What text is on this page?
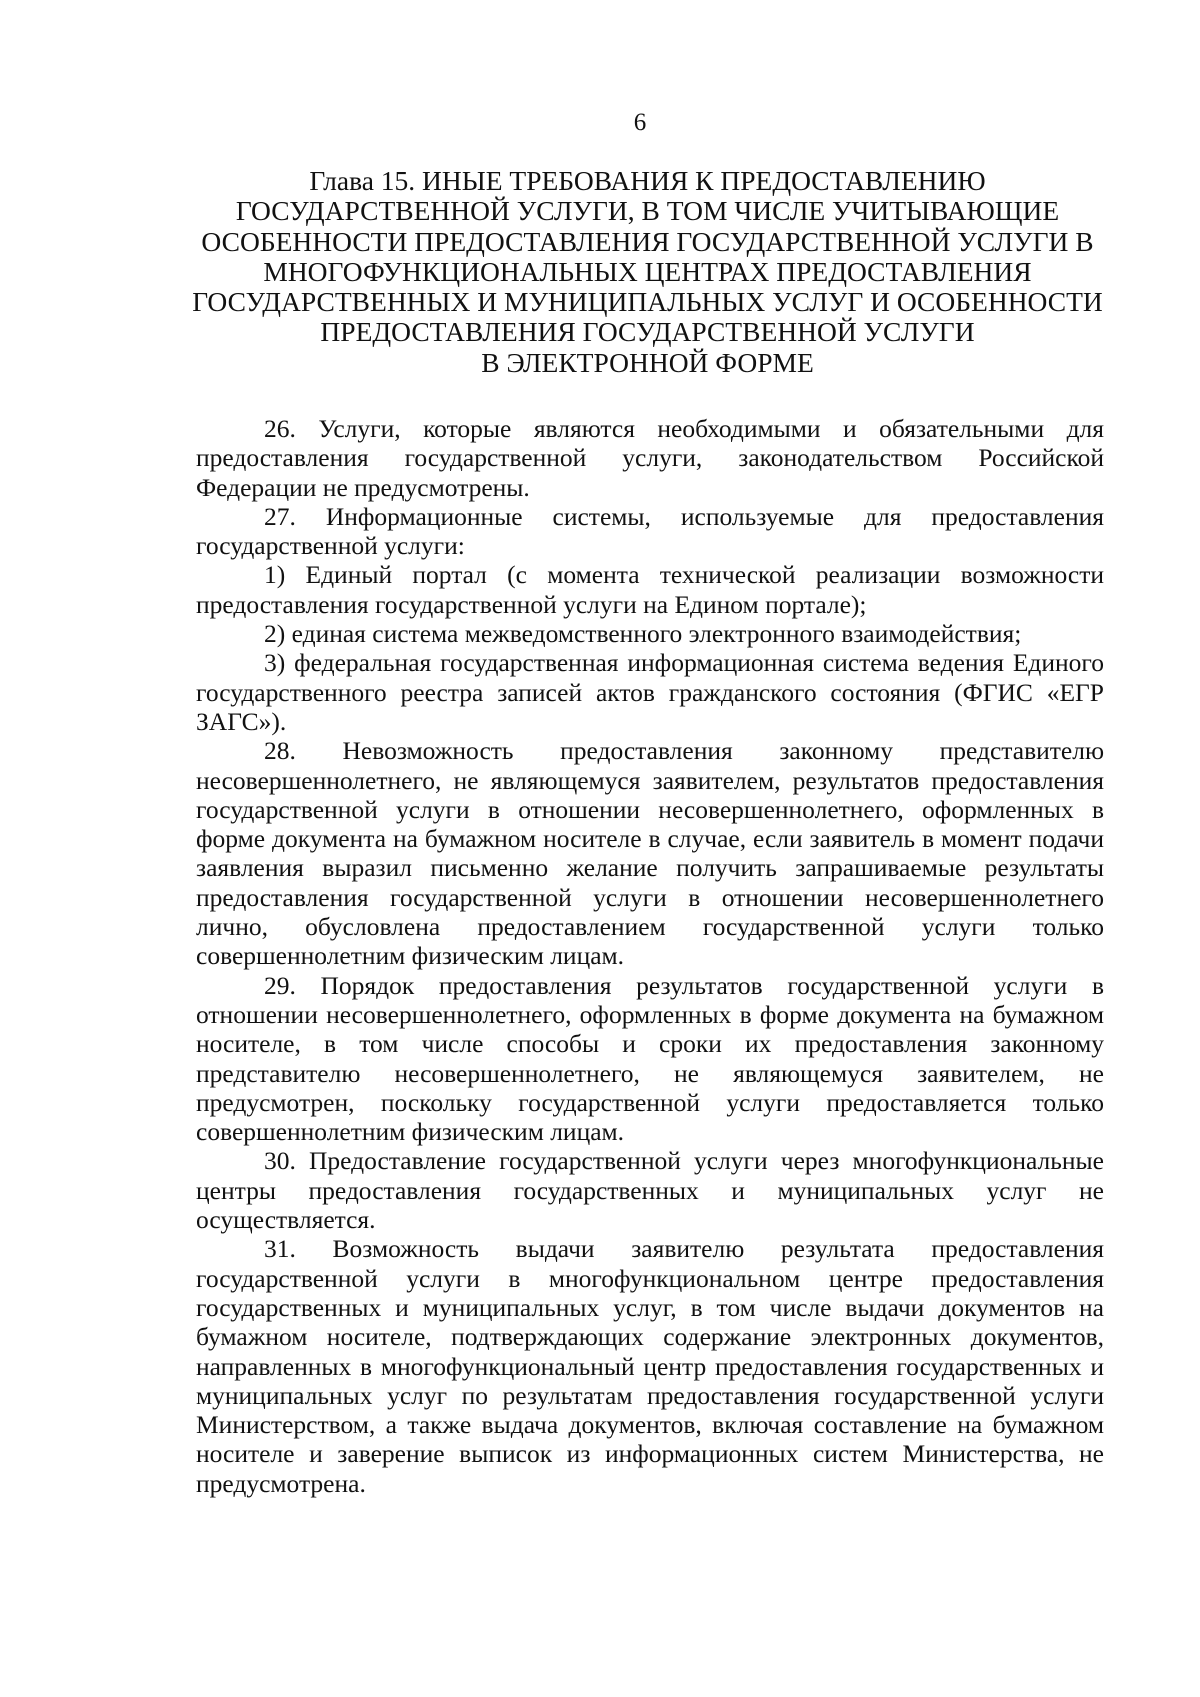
6
Глава 15. ИНЫЕ ТРЕБОВАНИЯ К ПРЕДОСТАВЛЕНИЮ
ГОСУДАРСТВЕННОЙ УСЛУГИ, В ТОМ ЧИСЛЕ УЧИТЫВАЮЩИЕ
ОСОБЕННОСТИ ПРЕДОСТАВЛЕНИЯ ГОСУДАРСТВЕННОЙ УСЛУГИ В
МНОГОФУНКЦИОНАЛЬНЫХ ЦЕНТРАХ ПРЕДОСТАВЛЕНИЯ
ГОСУДАРСТВЕННЫХ И МУНИЦИПАЛЬНЫХ УСЛУГ И ОСОБЕННОСТИ
ПРЕДОСТАВЛЕНИЯ ГОСУДАРСТВЕННОЙ УСЛУГИ
В ЭЛЕКТРОННОЙ ФОРМЕ

26. Услуги, которые являются необходимыми и обязательными для предоставления государственной услуги, законодательством Российской Федерации не предусмотрены.

27. Информационные системы, используемые для предоставления государственной услуги:

1) Единый портал (с момента технической реализации возможности предоставления государственной услуги на Едином портале);

2) единая система межведомственного электронного взаимодействия;

3) федеральная государственная информационная система ведения Единого государственного реестра записей актов гражданского состояния (ФГИС «ЕГР ЗАГС»).

28. Невозможность предоставления законному представителю несовершеннолетнего, не являющемуся заявителем, результатов предоставления государственной услуги в отношении несовершеннолетнего, оформленных в форме документа на бумажном носителе в случае, если заявитель в момент подачи заявления выразил письменно желание получить запрашиваемые результаты предоставления государственной услуги в отношении несовершеннолетнего лично, обусловлена предоставлением государственной услуги только совершеннолетним физическим лицам.

29. Порядок предоставления результатов государственной услуги в отношении несовершеннолетнего, оформленных в форме документа на бумажном носителе, в том числе способы и сроки их предоставления законному представителю несовершеннолетнего, не являющемуся заявителем, не предусмотрен, поскольку государственной услуги предоставляется только совершеннолетним физическим лицам.

30. Предоставление государственной услуги через многофункциональные центры предоставления государственных и муниципальных услуг не осуществляется.

31. Возможность выдачи заявителю результата предоставления государственной услуги в многофункциональном центре предоставления государственных и муниципальных услуг, в том числе выдачи документов на бумажном носителе, подтверждающих содержание электронных документов, направленных в многофункциональный центр предоставления государственных и муниципальных услуг по результатам предоставления государственной услуги Министерством, а также выдача документов, включая составление на бумажном носителе и заверение выписок из информационных систем Министерства, не предусмотрена.
